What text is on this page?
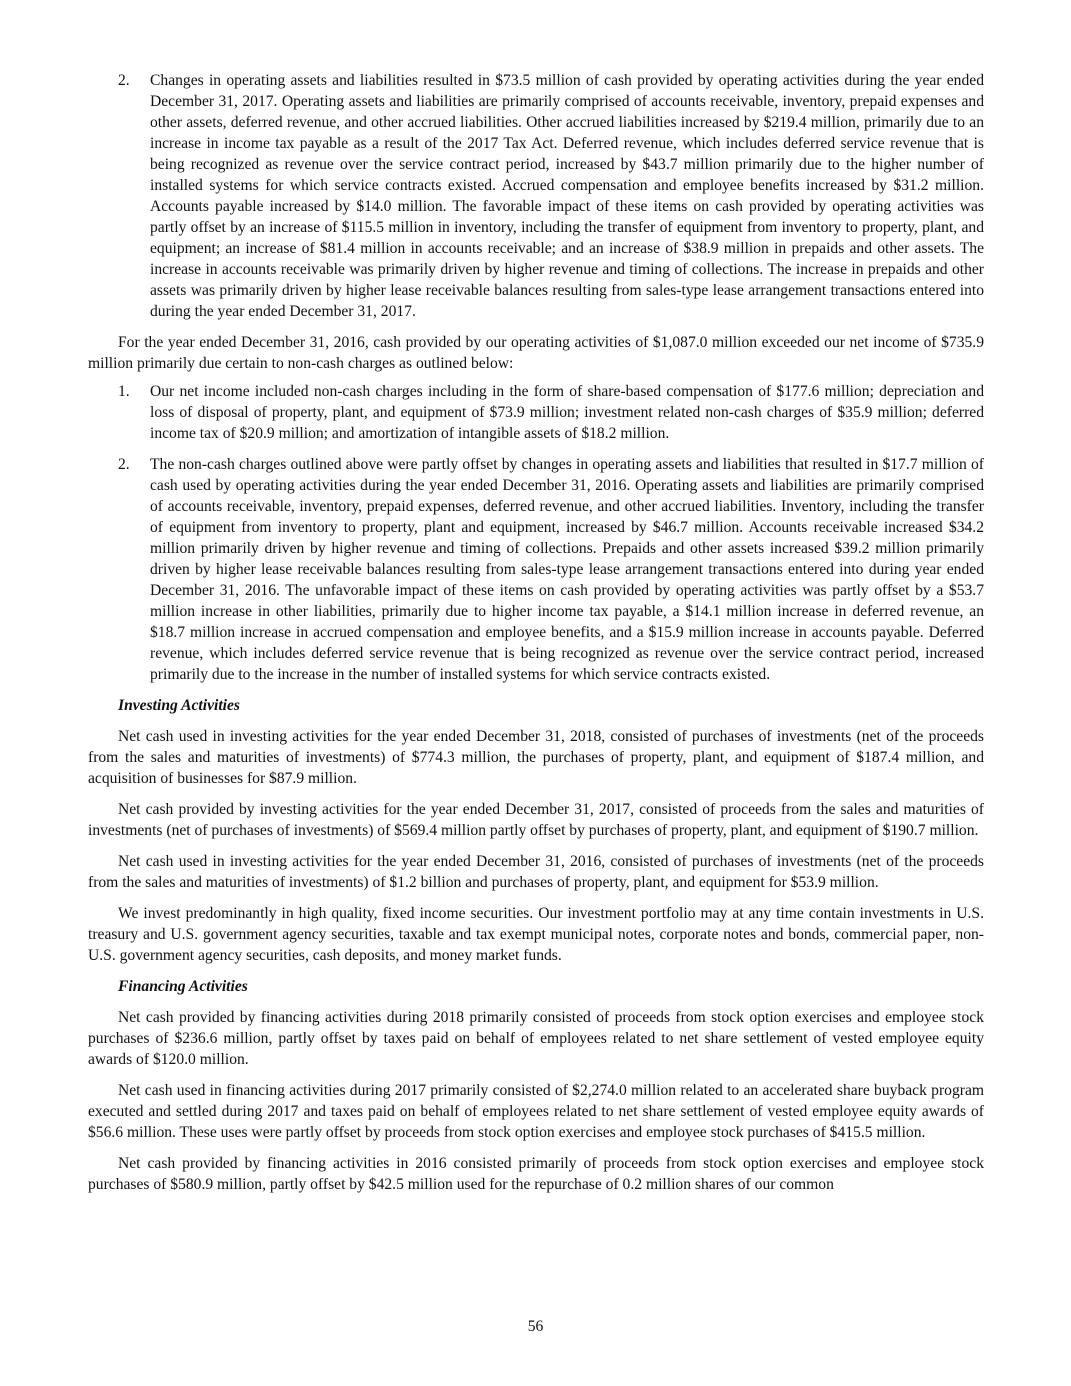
2. Changes in operating assets and liabilities resulted in $73.5 million of cash provided by operating activities during the year ended December 31, 2017. Operating assets and liabilities are primarily comprised of accounts receivable, inventory, prepaid expenses and other assets, deferred revenue, and other accrued liabilities. Other accrued liabilities increased by $219.4 million, primarily due to an increase in income tax payable as a result of the 2017 Tax Act. Deferred revenue, which includes deferred service revenue that is being recognized as revenue over the service contract period, increased by $43.7 million primarily due to the higher number of installed systems for which service contracts existed. Accrued compensation and employee benefits increased by $31.2 million. Accounts payable increased by $14.0 million. The favorable impact of these items on cash provided by operating activities was partly offset by an increase of $115.5 million in inventory, including the transfer of equipment from inventory to property, plant, and equipment; an increase of $81.4 million in accounts receivable; and an increase of $38.9 million in prepaids and other assets. The increase in accounts receivable was primarily driven by higher revenue and timing of collections. The increase in prepaids and other assets was primarily driven by higher lease receivable balances resulting from sales-type lease arrangement transactions entered into during the year ended December 31, 2017.

For the year ended December 31, 2016, cash provided by our operating activities of $1,087.0 million exceeded our net income of $735.9 million primarily due certain to non-cash charges as outlined below:

1. Our net income included non-cash charges including in the form of share-based compensation of $177.6 million; depreciation and loss of disposal of property, plant, and equipment of $73.9 million; investment related non-cash charges of $35.9 million; deferred income tax of $20.9 million; and amortization of intangible assets of $18.2 million.
2. The non-cash charges outlined above were partly offset by changes in operating assets and liabilities that resulted in $17.7 million of cash used by operating activities during the year ended December 31, 2016. Operating assets and liabilities are primarily comprised of accounts receivable, inventory, prepaid expenses, deferred revenue, and other accrued liabilities. Inventory, including the transfer of equipment from inventory to property, plant and equipment, increased by $46.7 million. Accounts receivable increased $34.2 million primarily driven by higher revenue and timing of collections. Prepaids and other assets increased $39.2 million primarily driven by higher lease receivable balances resulting from sales-type lease arrangement transactions entered into during year ended December 31, 2016. The unfavorable impact of these items on cash provided by operating activities was partly offset by a $53.7 million increase in other liabilities, primarily due to higher income tax payable, a $14.1 million increase in deferred revenue, an $18.7 million increase in accrued compensation and employee benefits, and a $15.9 million increase in accounts payable. Deferred revenue, which includes deferred service revenue that is being recognized as revenue over the service contract period, increased primarily due to the increase in the number of installed systems for which service contracts existed.
Investing Activities

Net cash used in investing activities for the year ended December 31, 2018, consisted of purchases of investments (net of the proceeds from the sales and maturities of investments) of $774.3 million, the purchases of property, plant, and equipment of $187.4 million, and acquisition of businesses for $87.9 million.

Net cash provided by investing activities for the year ended December 31, 2017, consisted of proceeds from the sales and maturities of investments (net of purchases of investments) of $569.4 million partly offset by purchases of property, plant, and equipment of $190.7 million.

Net cash used in investing activities for the year ended December 31, 2016, consisted of purchases of investments (net of the proceeds from the sales and maturities of investments) of $1.2 billion and purchases of property, plant, and equipment for $53.9 million.

We invest predominantly in high quality, fixed income securities. Our investment portfolio may at any time contain investments in U.S. treasury and U.S. government agency securities, taxable and tax exempt municipal notes, corporate notes and bonds, commercial paper, non-U.S. government agency securities, cash deposits, and money market funds.

Financing Activities

Net cash provided by financing activities during 2018 primarily consisted of proceeds from stock option exercises and employee stock purchases of $236.6 million, partly offset by taxes paid on behalf of employees related to net share settlement of vested employee equity awards of $120.0 million.

Net cash used in financing activities during 2017 primarily consisted of $2,274.0 million related to an accelerated share buyback program executed and settled during 2017 and taxes paid on behalf of employees related to net share settlement of vested employee equity awards of $56.6 million. These uses were partly offset by proceeds from stock option exercises and employee stock purchases of $415.5 million.

Net cash provided by financing activities in 2016 consisted primarily of proceeds from stock option exercises and employee stock purchases of $580.9 million, partly offset by $42.5 million used for the repurchase of 0.2 million shares of our common

56
